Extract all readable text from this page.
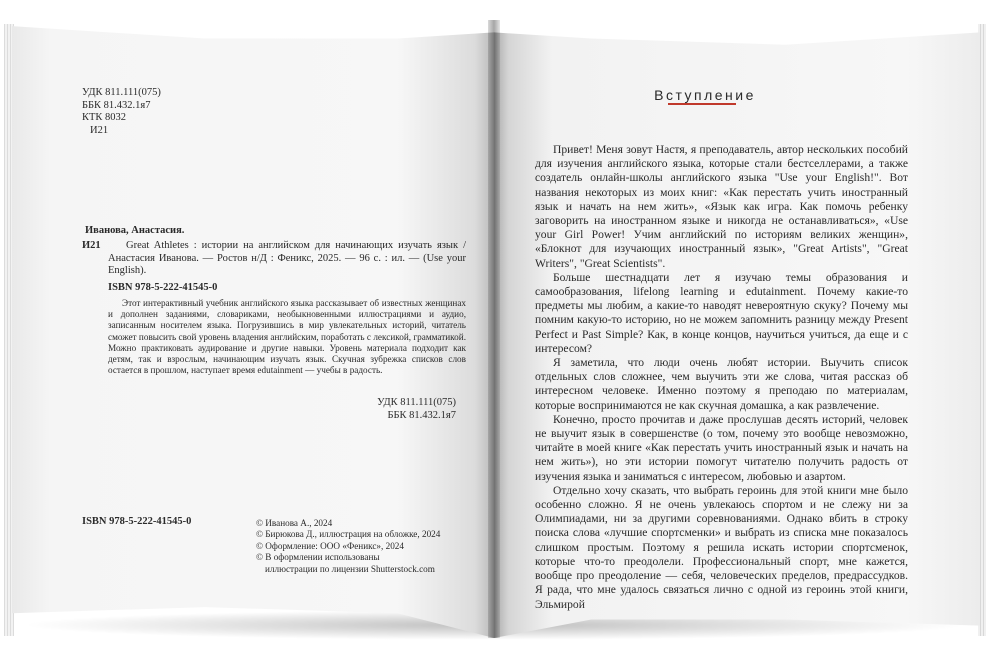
УДК 811.111(075)
ББК 81.432.1я7
КТК 8032
И21
Иванова, Анастасия.
И21	Great Athletes : истории на английском для начинающих изучать язык / Анастасия Иванова. — Ростов н/Д : Феникс, 2025. — 96 с. : ил. — (Use your English).
ISBN 978-5-222-41545-0
Этот интерактивный учебник английского языка рассказывает об известных женщинах и дополнен заданиями, словариками, необыкновенными иллюстрациями и аудио, записанным носителем языка. Погрузившись в мир увлекательных историй, читатель сможет повысить свой уровень владения английским, поработать с лексикой, грамматикой. Можно практиковать аудирование и другие навыки. Уровень материала подходит как детям, так и взрослым, начинающим изучать язык. Скучная зубрежка списков слов остается в прошлом, наступает время edutainment — учебы в радость.
УДК 811.111(075)
ББК 81.432.1я7
ISBN 978-5-222-41545-0	© Иванова А., 2024
© Бирюкова Д., иллюстрация на обложке, 2024
© Оформление: ООО «Феникс», 2024
© В оформлении использованы
иллюстрации по лицензии Shutterstock.com
Вступление

Привет! Меня зовут Настя, я преподаватель, автор нескольких пособий для изучения английского языка, которые стали бестселлерами, а также создатель онлайн-школы английского языка "Use your English!". Вот названия некоторых из моих книг: «Как перестать учить иностранный язык и начать на нем жить», «Язык как игра. Как помочь ребенку заговорить на иностранном языке и никогда не останавливаться», «Use your Girl Power! Учим английский по историям великих женщин», «Блокнот для изучающих иностранный язык», "Great Artists", "Great Writers", "Great Scientists".

Больше шестнадцати лет я изучаю темы образования и самообразования, lifelong learning и edutainment. Почему какие-то предметы мы любим, а какие-то наводят невероятную скуку? Почему мы помним какую-то историю, но не можем запомнить разницу между Present Perfect и Past Simple? Как, в конце концов, научиться учиться, да еще и с интересом?

Я заметила, что люди очень любят истории. Выучить список отдельных слов сложнее, чем выучить эти же слова, читая рассказ об интересном человеке. Именно поэтому я преподаю по материалам, которые воспринимаются не как скучная домашка, а как развлечение.

Конечно, просто прочитав и даже прослушав десять историй, человек не выучит язык в совершенстве (о том, почему это вообще невозможно, читайте в моей книге «Как перестать учить иностранный язык и начать на нем жить»), но эти истории помогут читателю получить радость от изучения языка и заниматься с интересом, любовью и азартом.

Отдельно хочу сказать, что выбрать героинь для этой книги мне было особенно сложно. Я не очень увлекаюсь спортом и не слежу ни за Олимпиадами, ни за другими соревнованиями. Однако вбить в строку поиска слова «лучшие спортсменки» и выбрать из списка мне показалось слишком простым. Поэтому я решила искать истории спортсменок, которые что-то преодолели. Профессиональный спорт, мне кажется, вообще про преодоление — себя, человеческих пределов, предрассудков. Я рада, что мне удалось связаться лично с одной из героинь этой книги, Эльмирой
